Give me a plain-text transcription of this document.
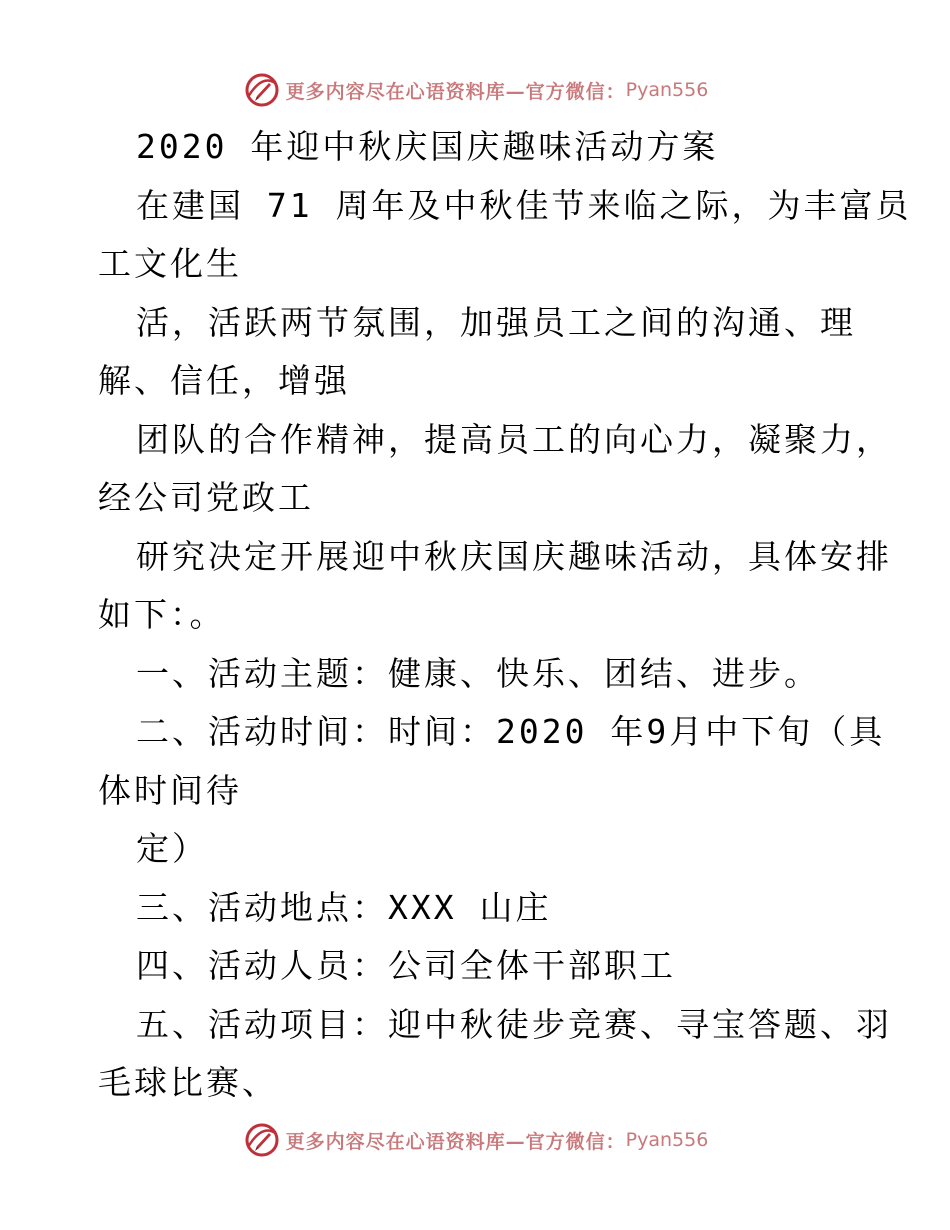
更多内容尽在心语资料库—官方微信： Pyan556
2020 年迎中秋庆国庆趣味活动方案
在建国 71 周年及中秋佳节来临之际，为丰富员
工文化生
活，活跃两节氛围，加强员工之间的沟通、理
解、信任，增强
团队的合作精神，提高员工的向心力，凝聚力，
经公司党政工
研究决定开展迎中秋庆国庆趣味活动，具体安排
如下：。
一、活动主题：健康、快乐、团结、进步。
二、活动时间：时间：2020 年9月中下旬（具
体时间待
定）
三、活动地点：XXX 山庄
四、活动人员：公司全体干部职工
五、活动项目：迎中秋徒步竞赛、寻宝答题、羽
毛球比赛、
更多内容尽在心语资料库—官方微信： Pyan556
